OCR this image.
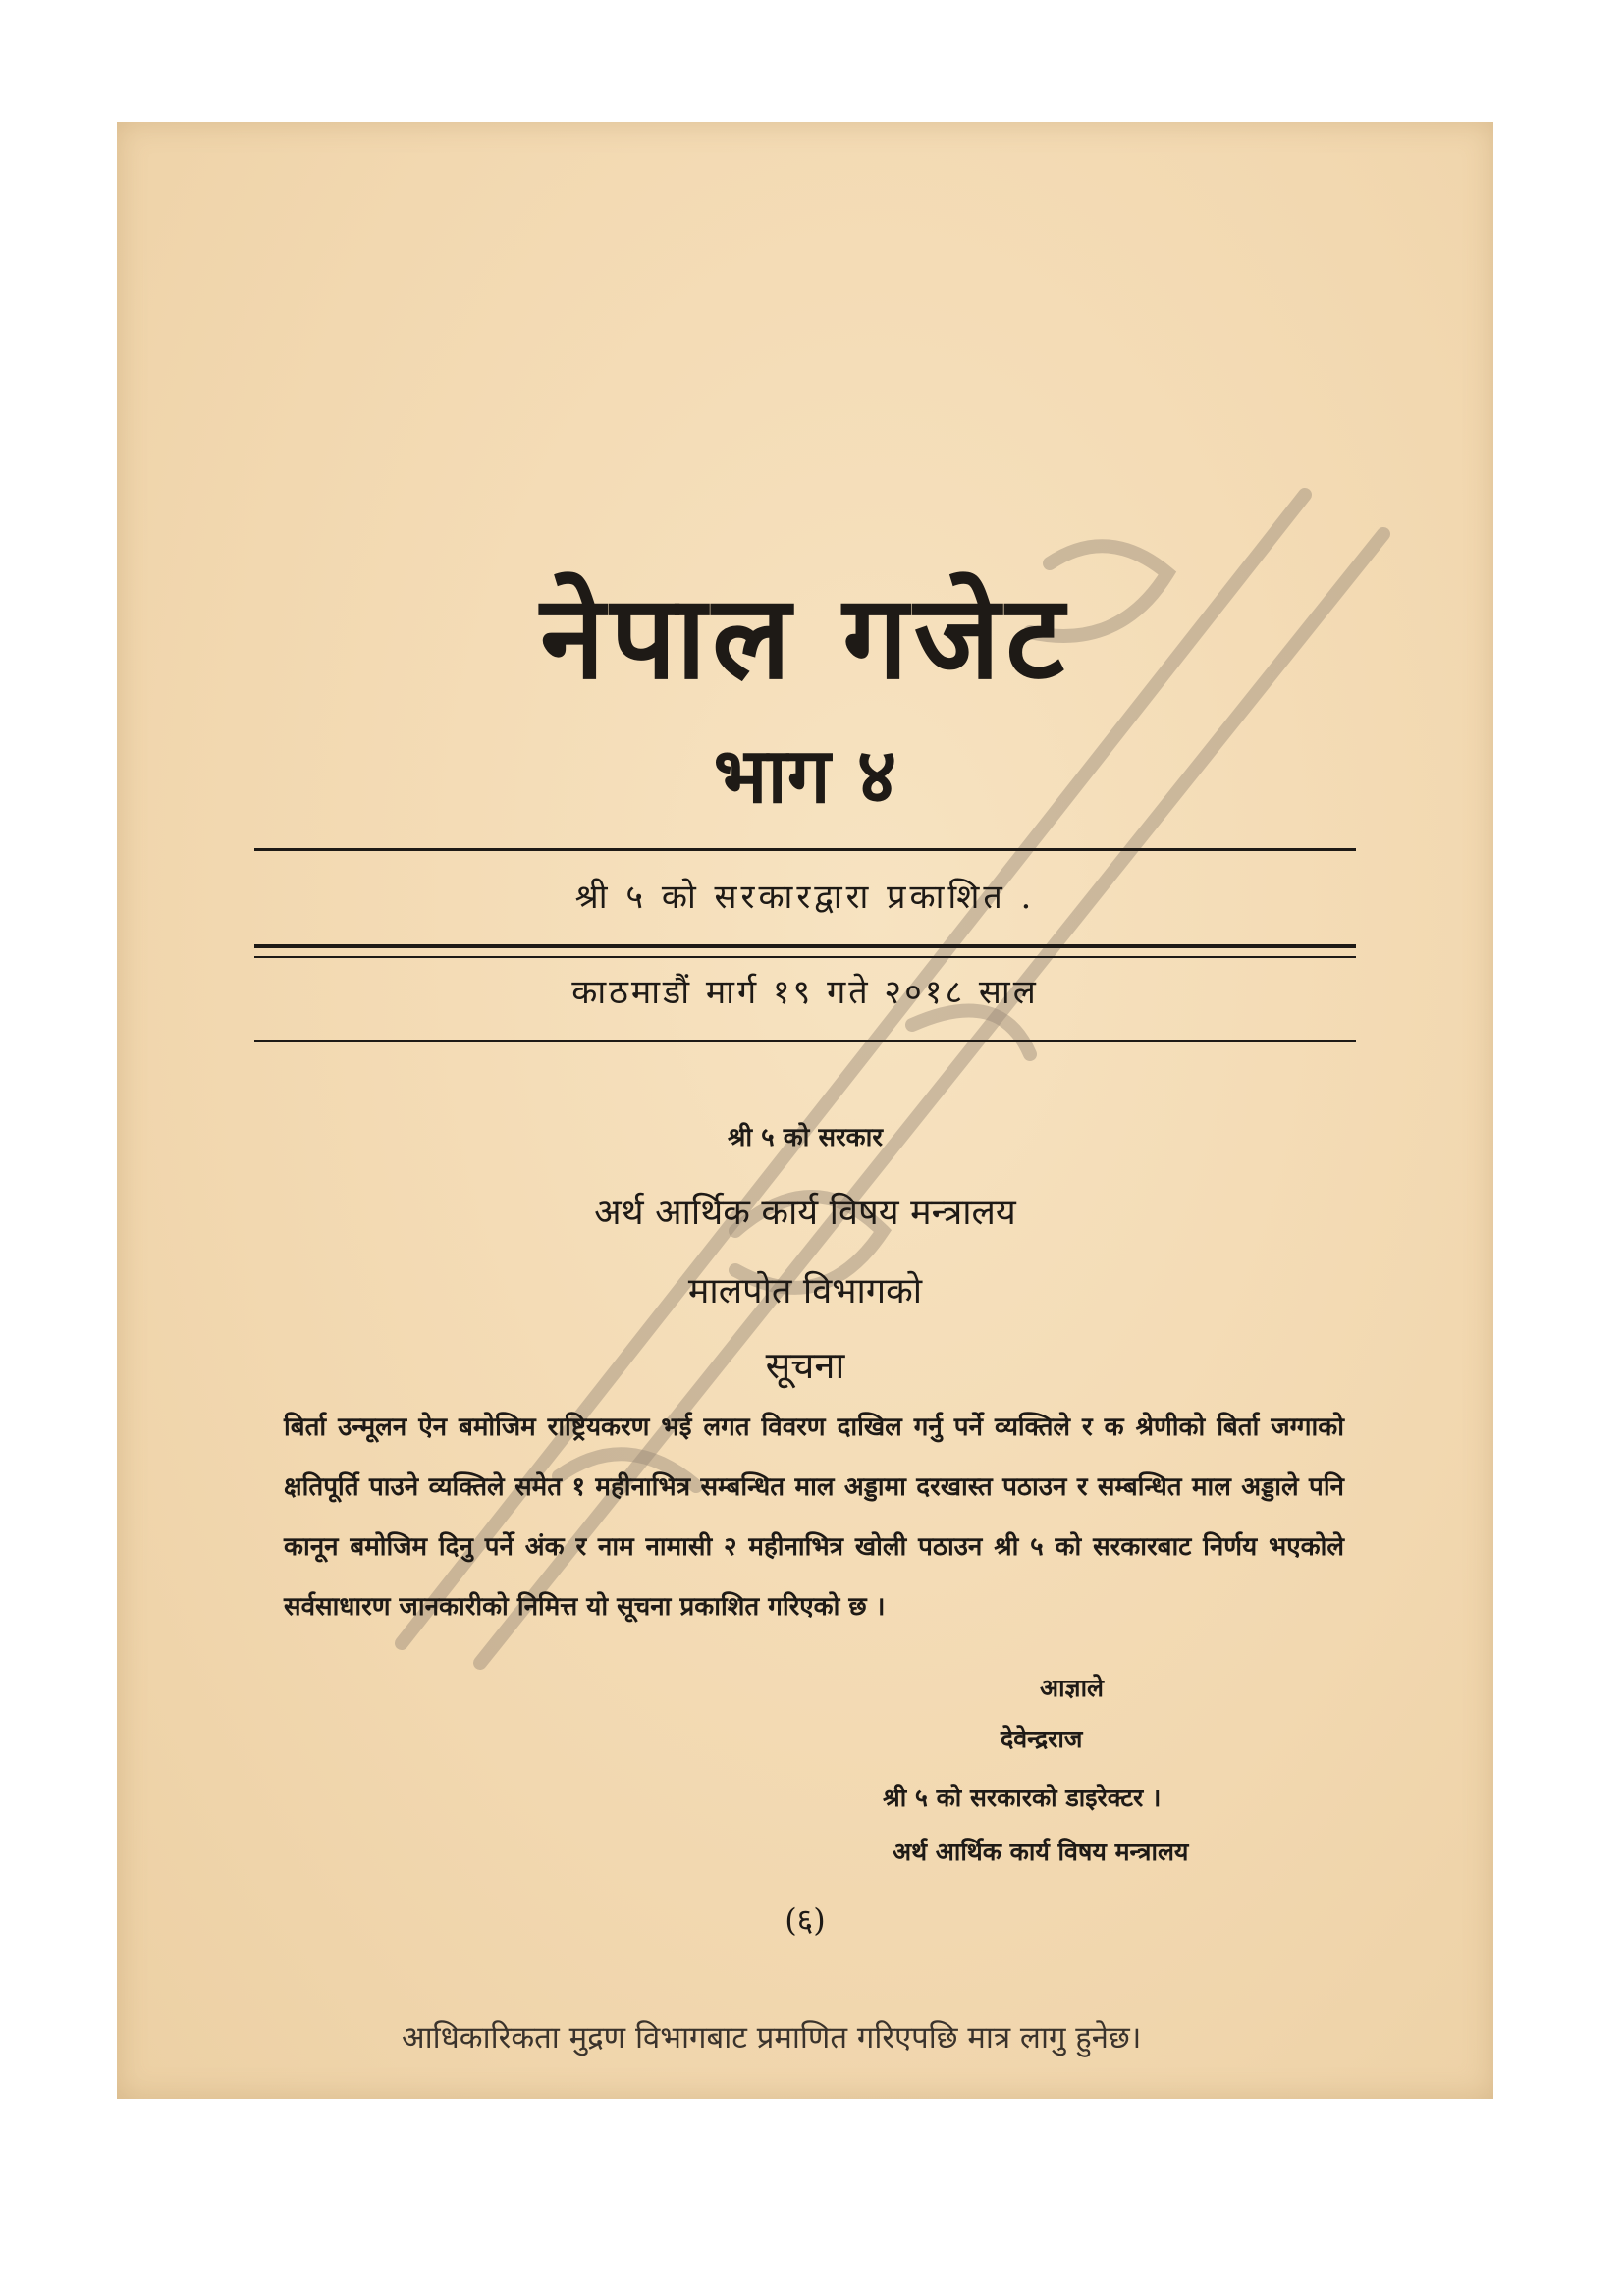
नेपाल गजेट
भाग ४
श्री ५ को सरकारद्वारा प्रकाशित .
काठमाडौं मार्ग १९ गते २०१८ साल
श्री ५ को सरकार
अर्थ आर्थिक कार्य विषय मन्त्रालय
मालपोत विभागको
सूचना
बिर्ता उन्मूलन ऐन बमोजिम राष्ट्रियकरण भई लगत विवरण दाखिल गर्नु पर्ने व्यक्तिले र क श्रेणीको बिर्ता जग्गाको क्षतिपूर्ति पाउने व्यक्तिले समेत १ महीनाभित्र सम्बन्धित माल अड्डामा दरखास्त पठाउन र सम्बन्धित माल अड्डाले पनि कानून बमोजिम दिनु पर्ने अंक र नाम नामासी २ महीनाभित्र खोली पठाउन श्री ५ को सरकारबाट निर्णय भएकोले सर्वसाधारण जानकारीको निमित्त यो सूचना प्रकाशित गरिएको छ ।
आज्ञाले
देवेन्द्रराज
श्री ५ को सरकारको डाइरेक्टर ।
अर्थ आर्थिक कार्य विषय मन्त्रालय
(६)
आधिकारिकता मुद्रण विभागबाट प्रमाणित गरिएपछि मात्र लागु हुनेछ।
